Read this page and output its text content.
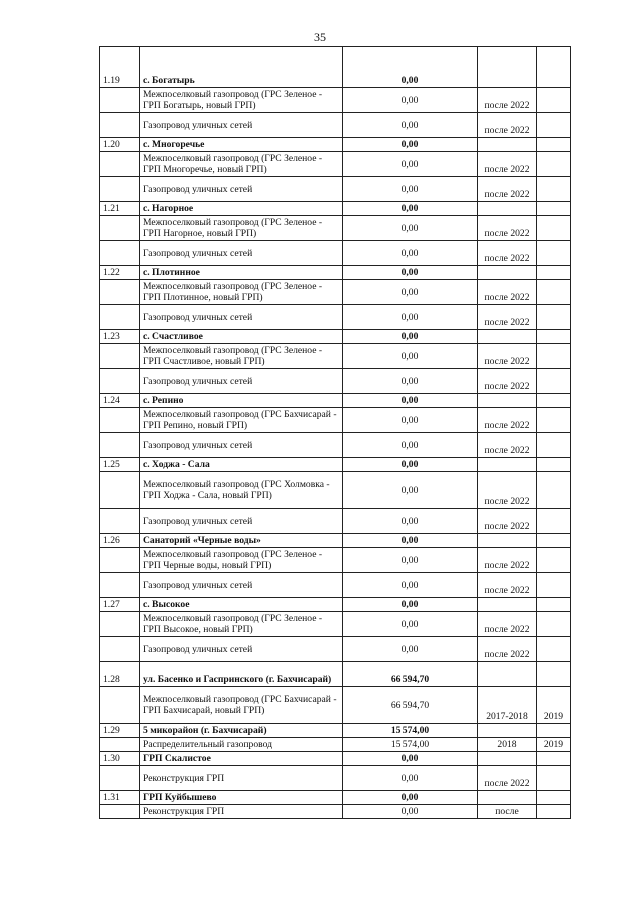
35
1.19	с. Богатырь	0,00		
	Межпоселковый газопровод (ГРС Зеленое - ГРП Богатырь, новый ГРП)	0,00	после 2022	
	Газопровод уличных сетей	0,00	после 2022	
1.20	с. Многоречье	0,00		
	Межпоселковый газопровод (ГРС Зеленое - ГРП Многоречье, новый ГРП)	0,00	после 2022	
	Газопровод уличных сетей	0,00	после 2022	
1.21	с. Нагорное	0,00		
	Межпоселковый газопровод (ГРС Зеленое - ГРП Нагорное, новый ГРП)	0,00	после 2022	
	Газопровод уличных сетей	0,00	после 2022	
1.22	с. Плотинное	0,00		
	Межпоселковый газопровод (ГРС Зеленое - ГРП Плотинное, новый ГРП)	0,00	после 2022	
	Газопровод уличных сетей	0,00	после 2022	
1.23	с. Счастливое	0,00		
	Межпоселковый газопровод (ГРС Зеленое - ГРП Счастливое, новый ГРП)	0,00	после 2022	
	Газопровод уличных сетей	0,00	после 2022	
1.24	с. Репино	0,00		
	Межпоселковый газопровод (ГРС Бахчисарай - ГРП Репино, новый ГРП)	0,00	после 2022	
	Газопровод уличных сетей	0,00	после 2022	
1.25	с. Ходжа - Сала	0,00		
	Межпоселковый газопровод (ГРС Холмовка - ГРП Ходжа - Сала, новый ГРП)	0,00	после 2022	
	Газопровод уличных сетей	0,00	после 2022	
1.26	Санаторий «Черные воды»	0,00		
	Межпоселковый газопровод (ГРС Зеленое - ГРП Черные воды, новый ГРП)	0,00	после 2022	
	Газопровод уличных сетей	0,00	после 2022	
1.27	с. Высокое	0,00		
	Межпоселковый газопровод (ГРС Зеленое - ГРП Высокое, новый ГРП)	0,00	после 2022	
	Газопровод уличных сетей	0,00	после 2022	
1.28	ул. Басенко и Гаспринского (г. Бахчисарай)	66 594,70		
	Межпоселковый газопровод (ГРС Бахчисарай - ГРП Бахчисарай, новый ГРП)	66 594,70	2017-2018	2019
1.29	5 микорайон (г. Бахчисарай)	15 574,00		
	Распределительный газопровод	15 574,00	2018	2019
1.30	ГРП Скалистое	0,00		
	Реконструкция ГРП	0,00	после 2022	
1.31	ГРП Куйбышево	0,00		
	Реконструкция ГРП	0,00	после	
